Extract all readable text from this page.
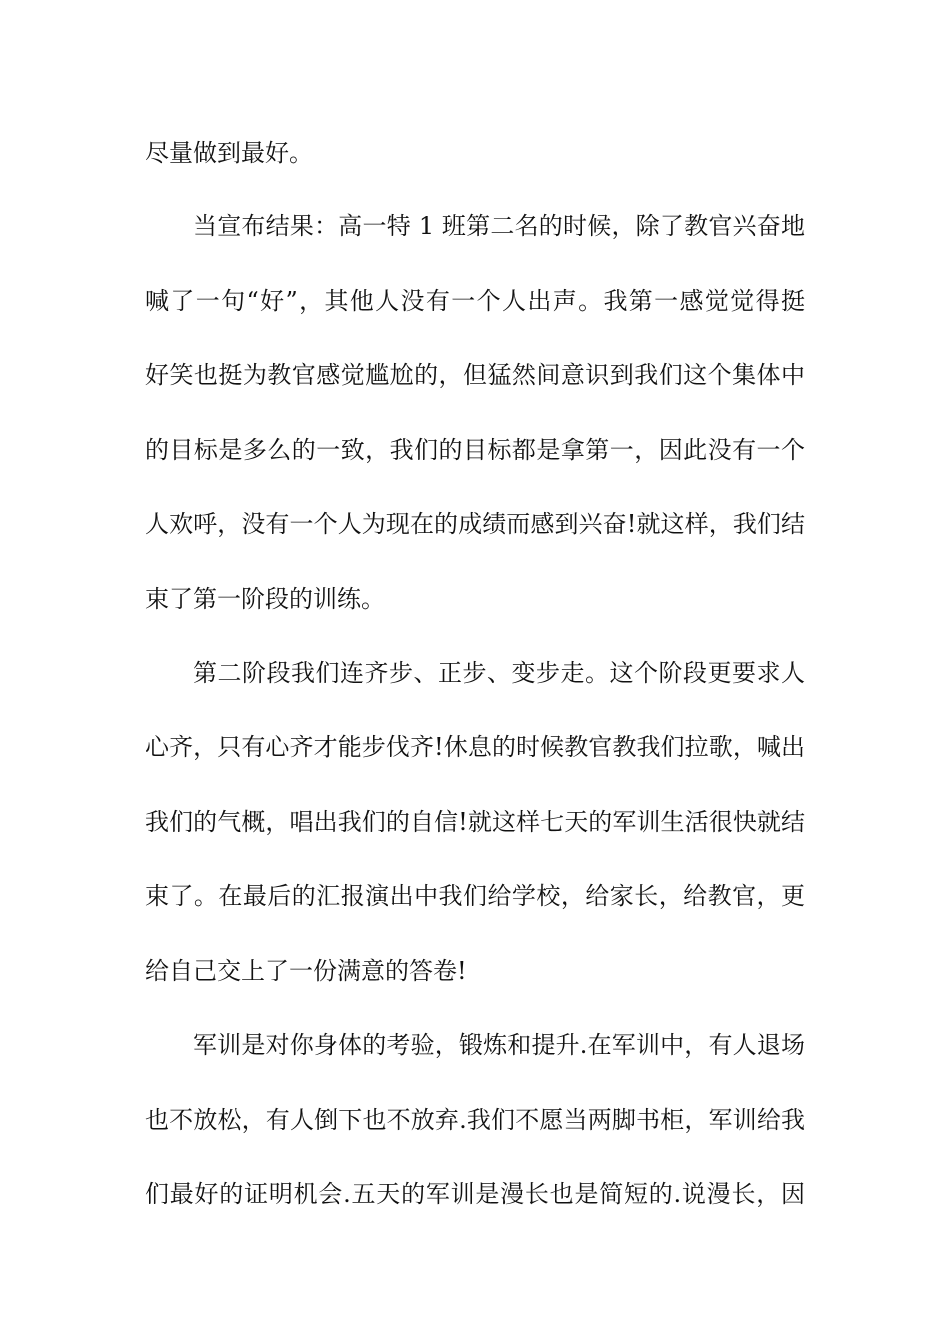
尽量做到最好。
当宣布结果：高一特 1 班第二名的时候，除了教官兴奋地
喊了一句“好”，其他人没有一个人出声。我第一感觉觉得挺
好笑也挺为教官感觉尴尬的，但猛然间意识到我们这个集体中
的目标是多么的一致，我们的目标都是拿第一，因此没有一个
人欢呼，没有一个人为现在的成绩而感到兴奋!就这样，我们结
束了第一阶段的训练。
第二阶段我们连齐步、正步、变步走。这个阶段更要求人
心齐，只有心齐才能步伐齐!休息的时候教官教我们拉歌，喊出
我们的气概，唱出我们的自信!就这样七天的军训生活很快就结
束了。在最后的汇报演出中我们给学校，给家长，给教官，更
给自己交上了一份满意的答卷!
军训是对你身体的考验，锻炼和提升.在军训中，有人退场
也不放松，有人倒下也不放弃.我们不愿当两脚书柜，军训给我
们最好的证明机会.五天的军训是漫长也是简短的.说漫长，因
